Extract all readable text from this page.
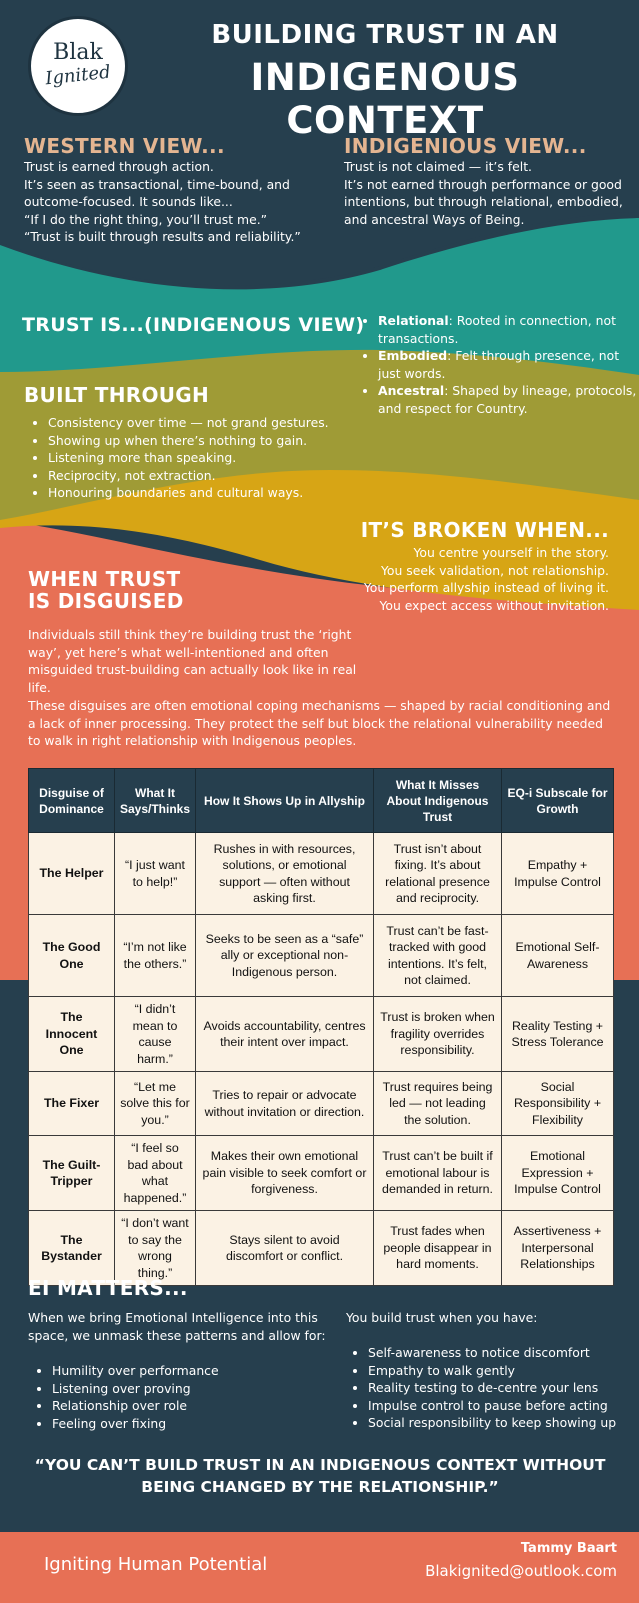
Blak
Ignited
BUILDING TRUST IN AN
INDIGENOUS CONTEXT
WESTERN VIEW...

Trust is earned through action.

It’s seen as transactional, time-bound, and outcome-focused. It sounds like...

“If I do the right thing, you’ll trust me.”

“Trust is built through results and reliability.”

INDIGENIOUS VIEW...

Trust is not claimed — it’s felt.

It’s not earned through performance or good intentions, but through relational, embodied, and ancestral Ways of Being.

TRUST IS...(INDIGENOUS VIEW) • Relational: Rooted in connection, not transactions.
• Embodied: Felt through presence, not just words.
• Ancestral: Shaped by lineage, protocols, and respect for Country.
BUILT THROUGH
• Consistency over time — not grand gestures.
• Showing up when there’s nothing to gain.
• Listening more than speaking.
• Reciprocity, not extraction.
• Honouring boundaries and cultural ways.
IT’S BROKEN WHEN...

You centre yourself in the story.

You seek validation, not relationship.

You perform allyship instead of living it.

You expect access without invitation.

WHEN TRUST
IS DISGUISED

Individuals still think they’re building trust the ‘right way’, yet here’s what well-intentioned and often misguided trust-building can actually look like in real life.

These disguises are often emotional coping mechanisms — shaped by racial conditioning and a lack of inner processing. They protect the self but block the relational vulnerability needed to walk in right relationship with Indigenous peoples.

Disguise of Dominance	What It Says/Thinks	How It Shows Up in Allyship	What It Misses About Indigenous Trust	EQ-i Subscale for Growth
The Helper	“I just want to help!”	Rushes in with resources, solutions, or emotional support — often without asking first.	Trust isn’t about fixing. It’s about relational presence and reciprocity.	Empathy + Impulse Control
The Good One	“I’m not like the others.”	Seeks to be seen as a “safe” ally or exceptional non-Indigenous person.	Trust can’t be fast-tracked with good intentions. It’s felt, not claimed.	Emotional Self-Awareness
The Innocent One	“I didn’t mean to cause harm.”	Avoids accountability, centres their intent over impact.	Trust is broken when fragility overrides responsibility.	Reality Testing + Stress Tolerance
The Fixer	“Let me solve this for you.”	Tries to repair or advocate without invitation or direction.	Trust requires being led — not leading the solution.	Social Responsibility + Flexibility
The Guilt-Tripper	“I feel so bad about what happened.”	Makes their own emotional pain visible to seek comfort or forgiveness.	Trust can’t be built if emotional labour is demanded in return.	Emotional Expression + Impulse Control
The Bystander	“I don’t want to say the wrong thing.”	Stays silent to avoid discomfort or conflict.	Trust fades when people disappear in hard moments.	Assertiveness + Interpersonal Relationships
EI MATTERS...

When we bring Emotional Intelligence into this space, we unmask these patterns and allow for:

• Humility over performance
• Listening over proving
• Relationship over role
• Feeling over fixing

You build trust when you have:

• Self-awareness to notice discomfort
• Empathy to walk gently
• Reality testing to de-centre your lens
• Impulse control to pause before acting
• Social responsibility to keep showing up
“YOU CAN’T BUILD TRUST IN AN INDIGENOUS CONTEXT WITHOUT BEING CHANGED BY THE RELATIONSHIP.”
Igniting Human Potential
Tammy Baart
Blakignited@outlook.com
